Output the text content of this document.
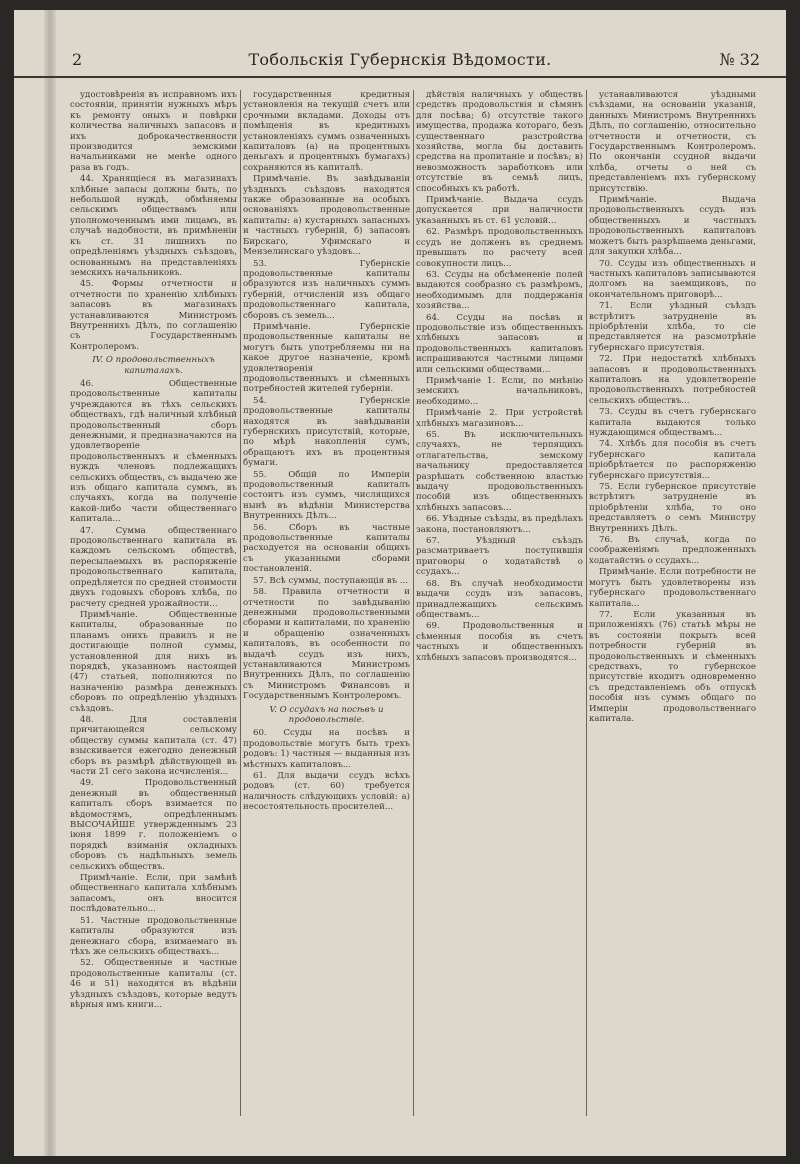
2	Тобольскія Губернскія Вѣдомости.	№ 32

удостовѣренія въ исправномъ ихъ состояніи, принятіи нужныхъ мѣръ къ ремонту оныхъ и повѣрки количества наличныхъ запасовъ и ихъ доброкачественности производится земскими начальниками не менѣе одного раза въ годъ.

44. Хранящіеся въ магазинахъ хлѣбные запасы должны быть, по небольшой нуждѣ, обмѣняемы сельскимъ обществамъ или уполномоченнымъ ими лицамъ, въ случаѣ надобности, въ примѣненіи къ ст. 31 лишнихъ по опредѣленіямъ уѣздныхъ съѣздовъ, основаннымъ на представленіяхъ земскихъ начальниковъ.

45. Формы отчетности и отчетности по храненію хлѣбныхъ запасовъ въ магазинахъ устанавливаются Министромъ Внутреннихъ Дѣлъ, по соглашенію съ Государственнымъ Контролеромъ.

IV. О продовольственныхъ капиталахъ.

46. Общественные продовольственные капиталы учреждаются въ тѣхъ сельскихъ обществахъ, гдѣ наличный хлѣбный продовольственный сборъ денежными, и предназначаются на удовлетвореніе продовольственныхъ и сѣменныхъ нуждъ членовъ подлежащихъ сельскихъ обществъ, съ выдачею же изъ общаго капитала суммъ, въ случаяхъ, когда на полученіе какой-либо части общественнаго капитала...

47. Сумма общественнаго продовольственнаго капитала въ каждомъ сельскомъ обществѣ, пересылаемыхъ въ распоряженіе продовольственнаго капитала, опредѣляется по средней стоимости двухъ годовыхъ сборовъ хлѣба, по расчету средней урожайности...

Примѣчаніе. Общественные капиталы, образованные по планамъ онихъ правилъ и не достигающіе полной суммы, установленной для нихъ въ порядкѣ, указанномъ настоящей (47) статьей, пополняются по назначенію размѣра денежныхъ сборовъ по опредѣленію уѣздныхъ съѣздовъ.

48. Для составленія причитающейся сельскому обществу суммы капитала (ст. 47) взыскивается ежегодно денежный сборъ въ размѣрѣ дѣйствующей въ части 21 сего закона исчисленія...

49. Продовольственный денежный въ общественный капиталъ сборъ взимается по вѣдомостямъ, опредѣленнымъ ВЫСОЧАЙШЕ утвержденнымъ 23 іюня 1899 г. положеніемъ о порядкѣ взиманія окладныхъ сборовъ съ надѣльныхъ земель сельскихъ обществъ.

Примѣчаніе. Если, при замѣнѣ общественнаго капитала хлѣбнымъ запасомъ, онъ вносится послѣдовательно...

51. Частные продовольственные капиталы образуются изъ денежнаго сбора, взимаемаго въ тѣхъ же сельскихъ обществахъ...

52. Общественные и частные продовольственные капиталы (ст. 46 и 51) находятся въ вѣдѣніи уѣздныхъ съѣздовъ, которые ведутъ вѣрныя имъ книги...

государственныя кредитныя установленія на текущій счетъ или срочными вкладами. Доходы отъ помѣщенія въ кредитныхъ установленіяхъ суммъ означенныхъ капиталовъ (а) на процентныхъ деньгахъ и процентныхъ бумагахъ) сохраняются въ капиталѣ.

Примѣчаніе. Въ завѣдываніи уѣздныхъ съѣздовъ находятся также образованные на особыхъ основаніяхъ продовольственные капиталы: а) кустарныхъ запасныхъ и частныхъ губерній, б) запасовъ Бирскаго, Уфимскаго и Мензелинскаго уѣздовъ...

53. Губернскіе продовольственные капиталы образуются изъ наличныхъ суммъ губерній, отчисленій изъ общаго продовольственнаго капитала, сборовъ съ земель...

Примѣчаніе. Губернскіе продовольственные капиталы не могутъ быть употребляемы ни на какое другое назначеніе, кромѣ удовлетворенія продовольственныхъ и сѣменныхъ потребностей жителей губерніи.

54. Губернскіе продовольственные капиталы находятся въ завѣдываніи губернскихъ присутствій, которые, по мѣрѣ накопленія сумъ, обращаютъ ихъ въ процентныя бумаги.

55. Общій по Имперіи продовольственный капиталъ состоитъ изъ суммъ, числящихся нынѣ въ вѣдѣніи Министерства Внутреннихъ Дѣлъ...

56. Сборъ въ частные продовольственные капиталы расходуется на основаніи общихъ съ указанными сборами постановленій.

57. Всѣ суммы, поступающія въ ...

58. Правила отчетности и отчетности по завѣдыванію денежными продовольственными сборами и капиталами, по храненію и обращенію означенныхъ капиталовъ, въ особенности по выдачѣ ссудъ изъ нихъ, устанавливаются Министромъ Внутреннихъ Дѣлъ, по соглашенію съ Министромъ Финансовъ и Государственнымъ Контролеромъ.

V. О ссудахъ на посѣвъ и продовольствіе.

60. Ссуды на посѣвъ и продовольствіе могутъ быть трехъ родовъ: 1) частныя — выданныя изъ мѣстныхъ капиталовъ...

61. Для выдачи ссудъ всѣхъ родовъ (ст. 60) требуется наличность слѣдующихъ условій: а) несостоятельность просителей...

дѣйствія наличныхъ у обществъ средствъ продовольствія и сѣмянъ для посѣва; б) отсутствіе такого имущества, продажа котораго, безъ существеннаго разстройства хозяйства, могла бы доставить средства на пропитаніе и посѣвъ; в) невозможность заработковъ или отсутствіе въ семьѣ лицъ, способныхъ къ работѣ.

Примѣчаніе. Выдача ссудъ допускается при наличности указанныхъ въ ст. 61 условій...

62. Размѣръ продовольственныхъ ссудъ не долженъ въ среднемъ превышать по расчету всей совокупности лицъ...

63. Ссуды на обсѣмененіе полей выдаются сообразно съ размѣромъ, необходимымъ для поддержанія хозяйства...

64. Ссуды на посѣвъ и продовольствіе изъ общественныхъ хлѣбныхъ запасовъ и продовольственныхъ капиталовъ испрашиваются частными лицами или сельскими обществами...

Примѣчаніе 1. Если, по мнѣнію земскихъ начальниковъ, необходимо...

Примѣчаніе 2. При устройствѣ хлѣбныхъ магазиновъ...

65. Въ исключительныхъ случаяхъ, не терпящихъ отлагательства, земскому начальнику предоставляется разрѣшать собственною властью выдачу продовольственныхъ пособій изъ общественныхъ хлѣбныхъ запасовъ...

66. Уѣздные съѣзды, въ предѣлахъ закона, постановляютъ...

67. Уѣздный съѣздъ разсматриваетъ поступившія приговоры о ходатайствѣ о ссудахъ...

68. Въ случаѣ необходимости выдачи ссудъ изъ запасовъ, принадлежащихъ сельскимъ обществамъ...

69. Продовольственныя и сѣменныя пособія въ счетъ частныхъ и общественныхъ хлѣбныхъ запасовъ производятся...

устанавливаются уѣздными съѣздами, на основаніи указаній, данныхъ Министромъ Внутреннихъ Дѣлъ, по соглашенію, относительно отчетности и отчетности, съ Государственнымъ Контролеромъ. По окончаніи ссудной выдачи хлѣба, отчеты о ней съ представленіемъ ихъ губернскому присутствію.

Примѣчаніе. Выдача продовольственныхъ ссудъ изъ общественныхъ и частныхъ продовольственныхъ капиталовъ можетъ быть разрѣшаема деньгами, для закупки хлѣба...

70. Ссуды изъ общественныхъ и частныхъ капиталовъ записываются долгомъ на заемщиковъ, по окончательномъ приговорѣ...

71. Если уѣздный съѣздъ встрѣтитъ затрудненіе въ пріобрѣтеніи хлѣба, то сіе представляется на разсмотрѣніе губернскаго присутствія.

72. При недостаткѣ хлѣбныхъ запасовъ и продовольственныхъ капиталовъ на удовлетвореніе продовольственныхъ потребностей сельскихъ обществъ...

73. Ссуды въ счетъ губернскаго капитала выдаются только нуждающимся обществамъ...

74. Хлѣбъ для пособія въ счетъ губернскаго капитала пріобрѣтается по распоряженію губернскаго присутствія...

75. Если губернское присутствіе встрѣтитъ затрудненіе въ пріобрѣтеніи хлѣба, то оно представляетъ о семъ Министру Внутреннихъ Дѣлъ.

76. Въ случаѣ, когда по соображеніямъ предложенныхъ ходатайствъ о ссудахъ...

Примѣчаніе. Если потребности не могутъ быть удовлетворены изъ губернскаго продовольственнаго капитала...

77. Если указанныя въ приложеніяхъ (76) статьѣ мѣры не въ состояніи покрыть всей потребности губерній въ продовольственныхъ и сѣменныхъ средствахъ, то губернское присутствіе входитъ одновременно съ представленіемъ объ отпускѣ пособія изъ суммъ общаго по Имперіи продовольственнаго капитала.
